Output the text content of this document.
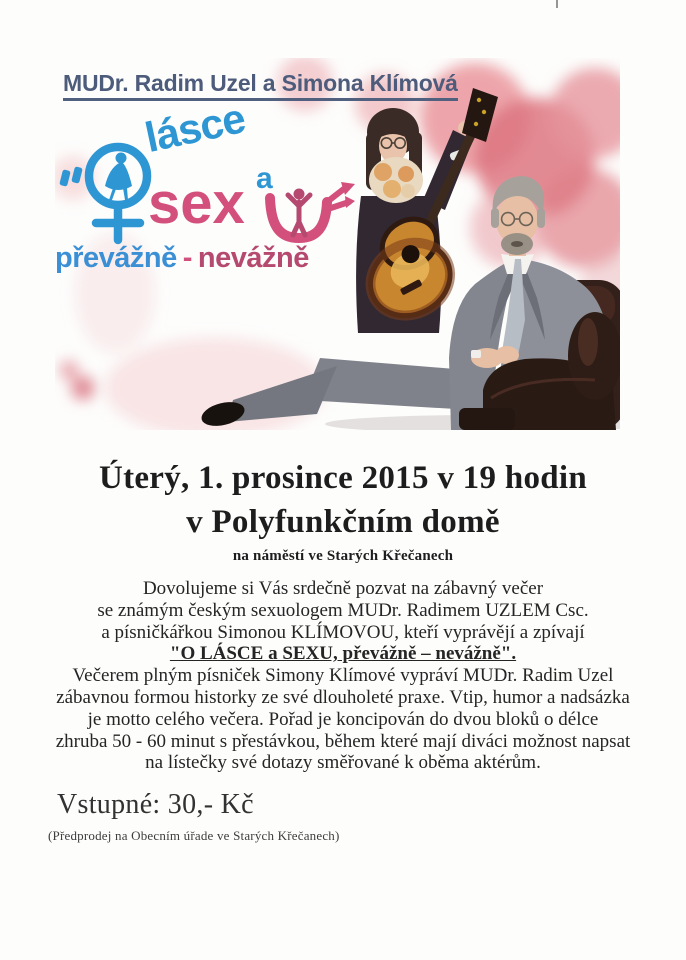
MUDr. Radim Uzel a Simona Klímová
lásce
a
sex
převážně - nevážně
Úterý, 1. prosince 2015 v 19 hodin
v Polyfunkčním domě
na náměstí ve Starých Křečanech
Dovolujeme si Vás srdečně pozvat na zábavný večer
se známým českým sexuologem MUDr. Radimem UZLEM Csc.
a písničkářkou Simonou KLÍMOVOU, kteří vyprávějí a zpívají
"O LÁSCE a SEXU, převážně – nevážně".
Večerem plným písniček Simony Klímové vypráví MUDr. Radim Uzel
zábavnou formou historky ze své dlouholeté praxe. Vtip, humor a nadsázka
je motto celého večera. Pořad je koncipován do dvou bloků o délce
zhruba 50 - 60 minut s přestávkou, během které mají diváci možnost napsat
na lístečky své dotazy směřované k oběma aktérům.
Vstupné: 30,- Kč
(Předprodej na Obecním úřade ve Starých Křečanech)
